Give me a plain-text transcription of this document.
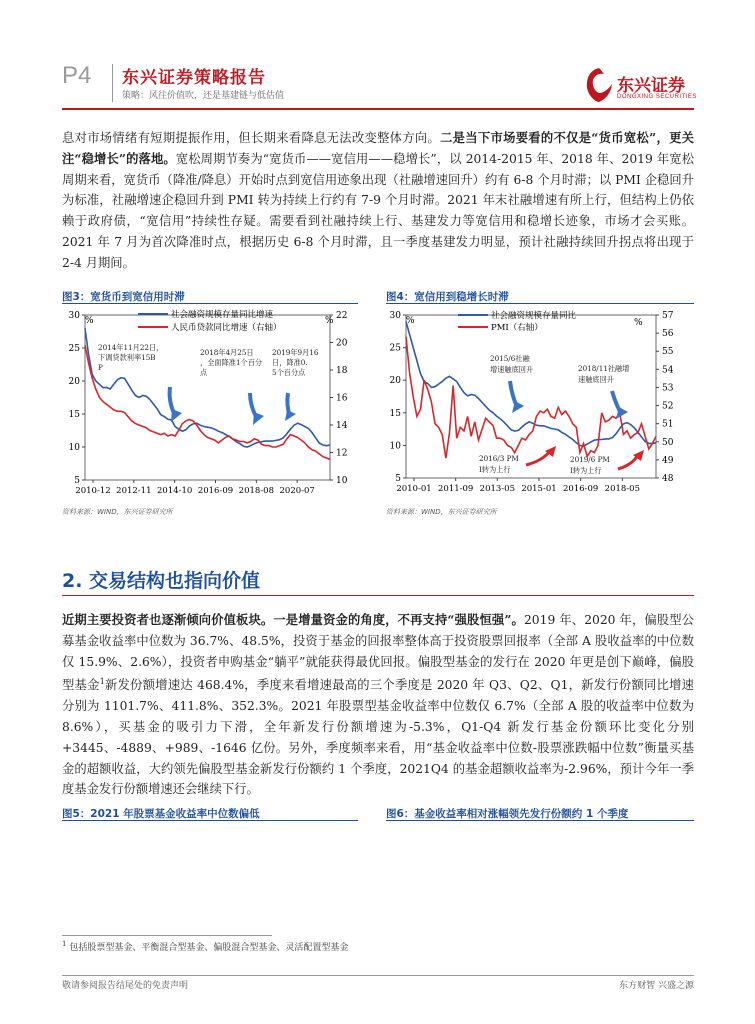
P4 东兴证券策略报告
策略：风往价值吹，还是基建链与低估值	东兴证券
DONGXING SECURITIES
息对市场情绪有短期提振作用，但长期来看降息无法改变整体方向。二是当下市场要看的不仅是“货币宽松”，更关注“稳增长”的落地。宽松周期节奏为“宽货币——宽信用——稳增长”，以 2014-2015 年、2018 年、2019 年宽松周期来看，宽货币（降准/降息）开始时点到宽信用迹象出现（社融增速回升）约有 6-8 个月时滞；以 PMI 企稳回升为标准，社融增速企稳回升到 PMI 转为持续上行约有 7-9 个月时滞。2021 年末社融增速有所上行，但结构上仍依赖于政府债，“宽信用”持续性存疑。需要看到社融持续上行、基建发力等宽信用和稳增长迹象，市场才会买账。2021 年 7 月为首次降准时点，根据历史 6-8 个月时滞，且一季度基建发力明显，预计社融持续回升拐点将出现于 2-4 月期间。
图3：宽货币到宽信用时滞	图4：宽信用到稳增长时滞
30
25
20
15
10
5
22
20
18
16
14
12
10
2010-12 2012-11 2014-10 2016-09 2018-08 2020-07
%	%
社会融资规模存量同比增速
人民币贷款同比增速（右轴）
2014年11月22日，
下调贷款利率15B
P
2018年4月25日
，全面降准1个百分
点
2019年9月16
日，降准0.
5个百分点
30
25
20
15
10
5
57
56
55
54
53
52
51
50
49
48
2010-01 2011-09 2013-05 2015-01 2016-09 2018-05
%	%
社会融资规模存量同比
PMI（右轴）
2015/6社融
增速触底回升	2018/11社融增
速触底回升
2016/3 PM
I转为上行
2019/6 PM
I转为上行
资料来源：WIND，东兴证券研究所	资料来源：WIND，东兴证券研究所
2. 交易结构也指向价值
近期主要投资者也逐渐倾向价值板块。一是增量资金的角度，不再支持“强股恒强”。2019 年、2020 年，偏股型公募基金收益率中位数为 36.7%、48.5%，投资于基金的回报率整体高于投资股票回报率（全部 A 股收益率的中位数仅 15.9%、2.6%），投资者申购基金“躺平”就能获得最优回报。偏股型基金的发行在 2020 年更是创下巅峰，偏股型基金$^1$新发份额增速达 468.4%，季度来看增速最高的三个季度是 2020 年 Q3、Q2、Q1，新发行份额同比增速分别为 1101.7%、411.8%、352.3%。2021 年股票型基金收益率中位数仅 6.7%（全部 A 股的收益率中位数为 8.6%），买基金的吸引力下滑，全年新发行份额增速为-5.3%，Q1-Q4 新发行基金份额环比变化分别+3445、-4889、+989、-1646 亿份。另外，季度频率来看，用“基金收益率中位数-股票涨跌幅中位数”衡量买基金的超额收益，大约领先偏股型基金新发行份额约 1 个季度，2021Q4 的基金超额收益率为-2.96%，预计今年一季度基金发行份额增速还会继续下行。
图5：2021 年股票基金收益率中位数偏低	图6：基金收益率相对涨幅领先发行份额约 1 个季度
$^1$ 包括股票型基金、平衡混合型基金、偏股混合型基金、灵活配置型基金
敬请参阅报告结尾处的免责声明	东方财智 兴盛之源
